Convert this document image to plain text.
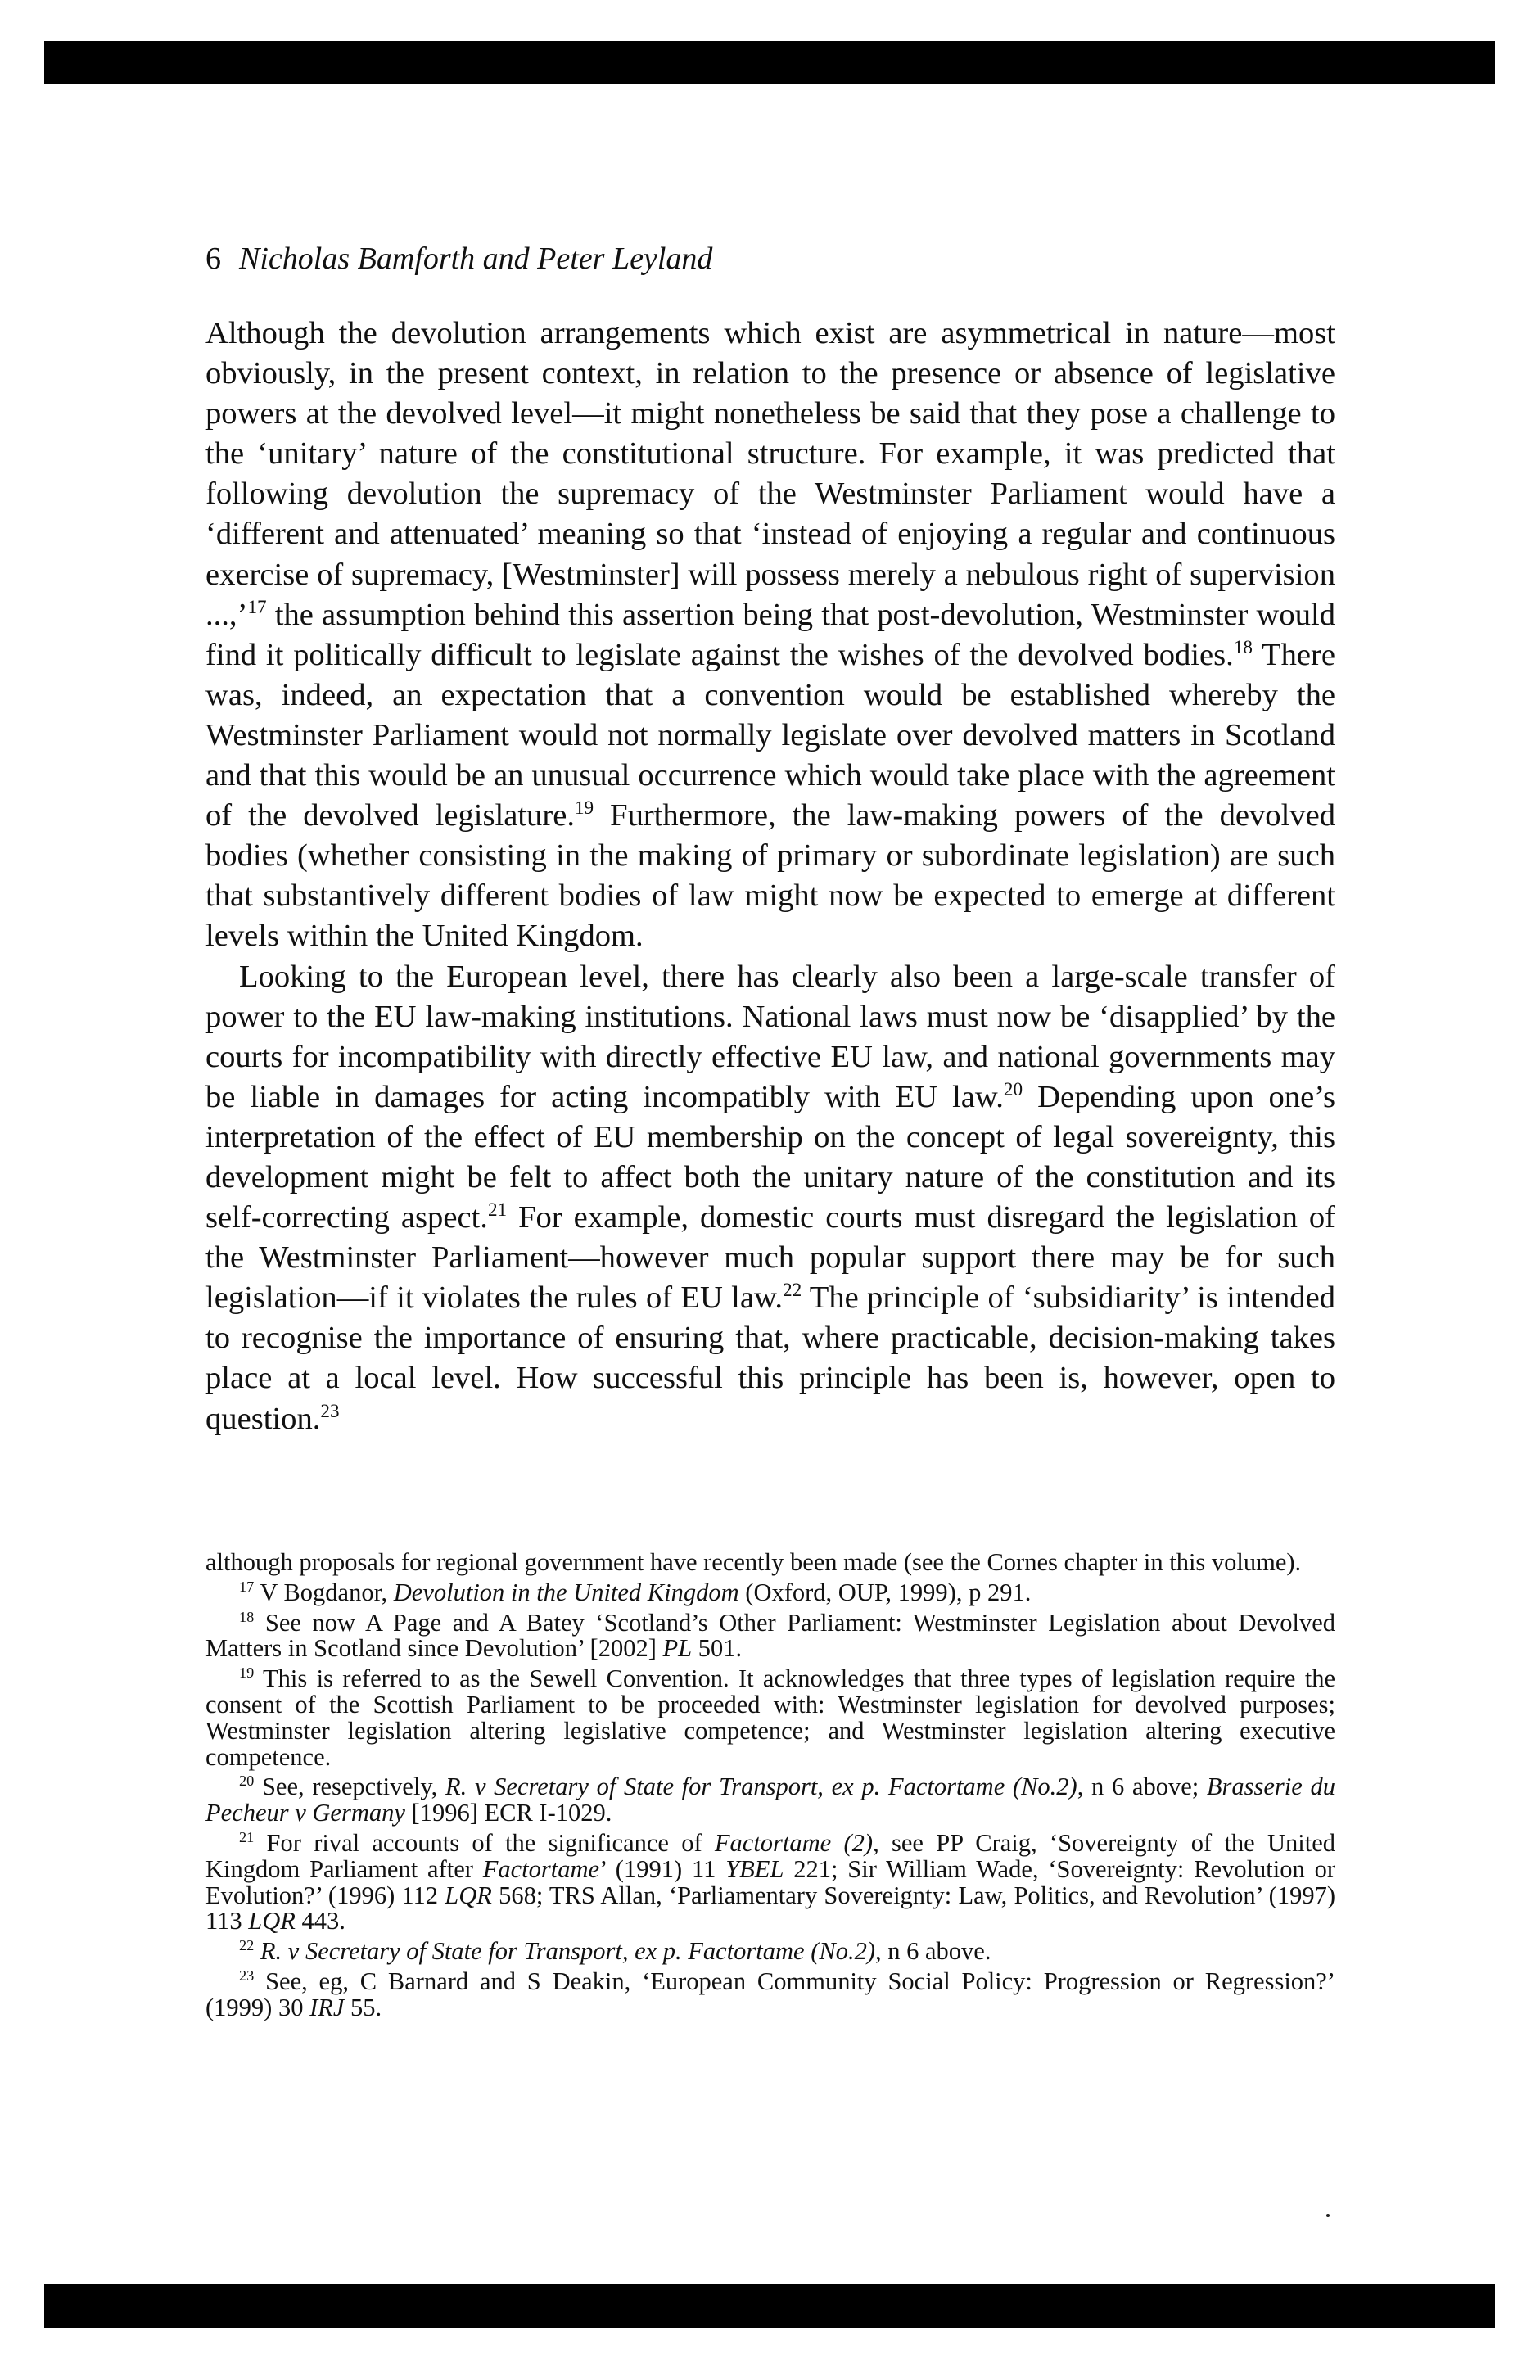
6 Nicholas Bamforth and Peter Leyland

Although the devolution arrangements which exist are asymmetrical in nature—most obviously, in the present context, in relation to the presence or absence of legislative powers at the devolved level—it might nonetheless be said that they pose a challenge to the ‘unitary’ nature of the constitutional structure. For example, it was predicted that following devolution the supremacy of the Westminster Parliament would have a ‘different and attenuated’ meaning so that ‘instead of enjoying a regular and continuous exercise of supremacy, [Westminster] will possess merely a nebulous right of supervision ...,’$^{17}$ the assumption behind this assertion being that post-devolution, Westminster would find it politically difficult to legislate against the wishes of the devolved bodies.$^{18}$ There was, indeed, an expectation that a convention would be established whereby the Westminster Parliament would not normally legislate over devolved matters in Scotland and that this would be an unusual occurrence which would take place with the agreement of the devolved legislature.$^{19}$ Furthermore, the law-making powers of the devolved bodies (whether consisting in the making of primary or subordinate legislation) are such that substantively different bodies of law might now be expected to emerge at different levels within the United Kingdom.

Looking to the European level, there has clearly also been a large-scale transfer of power to the EU law-making institutions. National laws must now be ‘disapplied’ by the courts for incompatibility with directly effective EU law, and national governments may be liable in damages for acting incompatibly with EU law.$^{20}$ Depending upon one’s interpretation of the effect of EU membership on the concept of legal sovereignty, this development might be felt to affect both the unitary nature of the constitution and its self-correcting aspect.$^{21}$ For example, domestic courts must disregard the legislation of the Westminster Parliament—however much popular support there may be for such legislation—if it violates the rules of EU law.$^{22}$ The principle of ‘subsidiarity’ is intended to recognise the importance of ensuring that, where practicable, decision-making takes place at a local level. How successful this principle has been is, however, open to question.$^{23}$

although proposals for regional government have recently been made (see the Cornes chapter in this volume).

$^{17}$ V Bogdanor, Devolution in the United Kingdom (Oxford, OUP, 1999), p 291.

$^{18}$ See now A Page and A Batey ‘Scotland’s Other Parliament: Westminster Legislation about Devolved Matters in Scotland since Devolution’ [2002] PL 501.

$^{19}$ This is referred to as the Sewell Convention. It acknowledges that three types of legislation require the consent of the Scottish Parliament to be proceeded with: Westminster legislation for devolved purposes; Westminster legislation altering legislative competence; and Westminster legislation altering executive competence.

$^{20}$ See, resepctively, R. v Secretary of State for Transport, ex p. Factortame (No.2), n 6 above; Brasserie du Pecheur v Germany [1996] ECR I-1029.

$^{21}$ For rival accounts of the significance of Factortame (2), see PP Craig, ‘Sovereignty of the United Kingdom Parliament after Factortame’ (1991) 11 YBEL 221; Sir William Wade, ‘Sovereignty: Revolution or Evolution?’ (1996) 112 LQR 568; TRS Allan, ‘Parliamentary Sovereignty: Law, Politics, and Revolution’ (1997) 113 LQR 443.

$^{22}$ R. v Secretary of State for Transport, ex p. Factortame (No.2), n 6 above.

$^{23}$ See, eg, C Barnard and S Deakin, ‘European Community Social Policy: Progression or Regression?’ (1999) 30 IRJ 55.
